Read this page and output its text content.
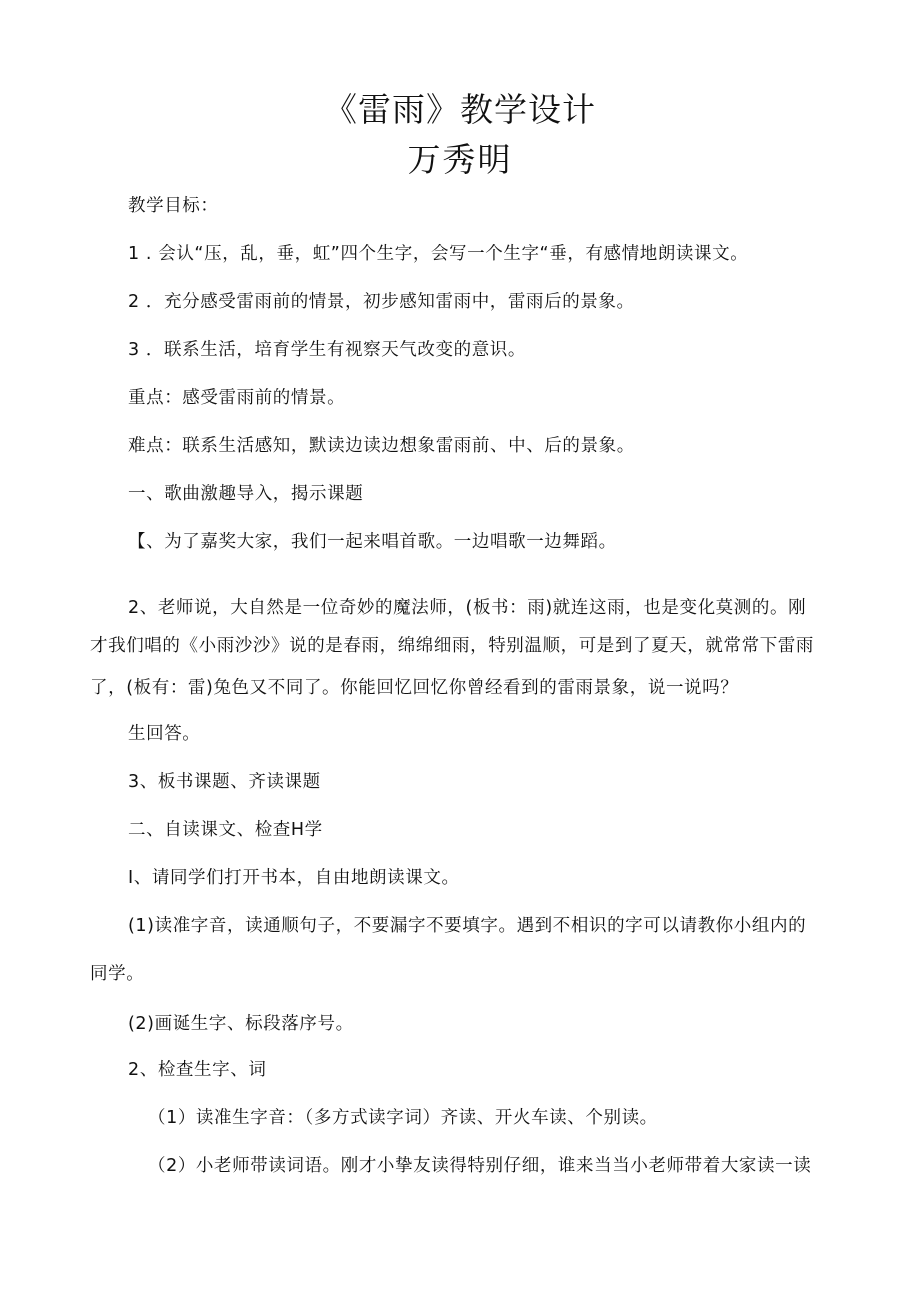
《雷雨》教学设计
万秀明

教学目标：

1 . 会认“压，乱，垂，虹”四个生字，会写一个生字“垂，有感情地朗读课文。

2 ．充分感受雷雨前的情景，初步感知雷雨中，雷雨后的景象。

3 ．联系生活，培育学生有视察天气改变的意识。

重点：感受雷雨前的情景。

难点：联系生活感知，默读边读边想象雷雨前、中、后的景象。

一、歌曲激趣导入，揭示课题

【、为了嘉奖大家，我们一起来唱首歌。一边唱歌一边舞蹈。

2、老师说，大自然是一位奇妙的魔法师，(板书：雨)就连这雨，也是变化莫测的。刚

才我们唱的《小雨沙沙》说的是春雨，绵绵细雨，特别温顺，可是到了夏天，就常常下雷雨

了，(板有：雷)兔色又不同了。你能回忆回忆你曾经看到的雷雨景象，说一说吗？

生回答。

3、板书课题、齐读课题

二、自读课文、检查H学

I、请同学们打开书本，自由地朗读课文。

(1)读准字音，读通顺句子，不要漏字不要填字。遇到不相识的字可以请教你小组内的

同学。

(2)画诞生字、标段落序号。

2、检查生字、词

（1）读准生字音：（多方式读字词）齐读、开火车读、个别读。

（2）小老师带读词语。刚才小挚友读得特别仔细，谁来当当小老师带着大家读一读
